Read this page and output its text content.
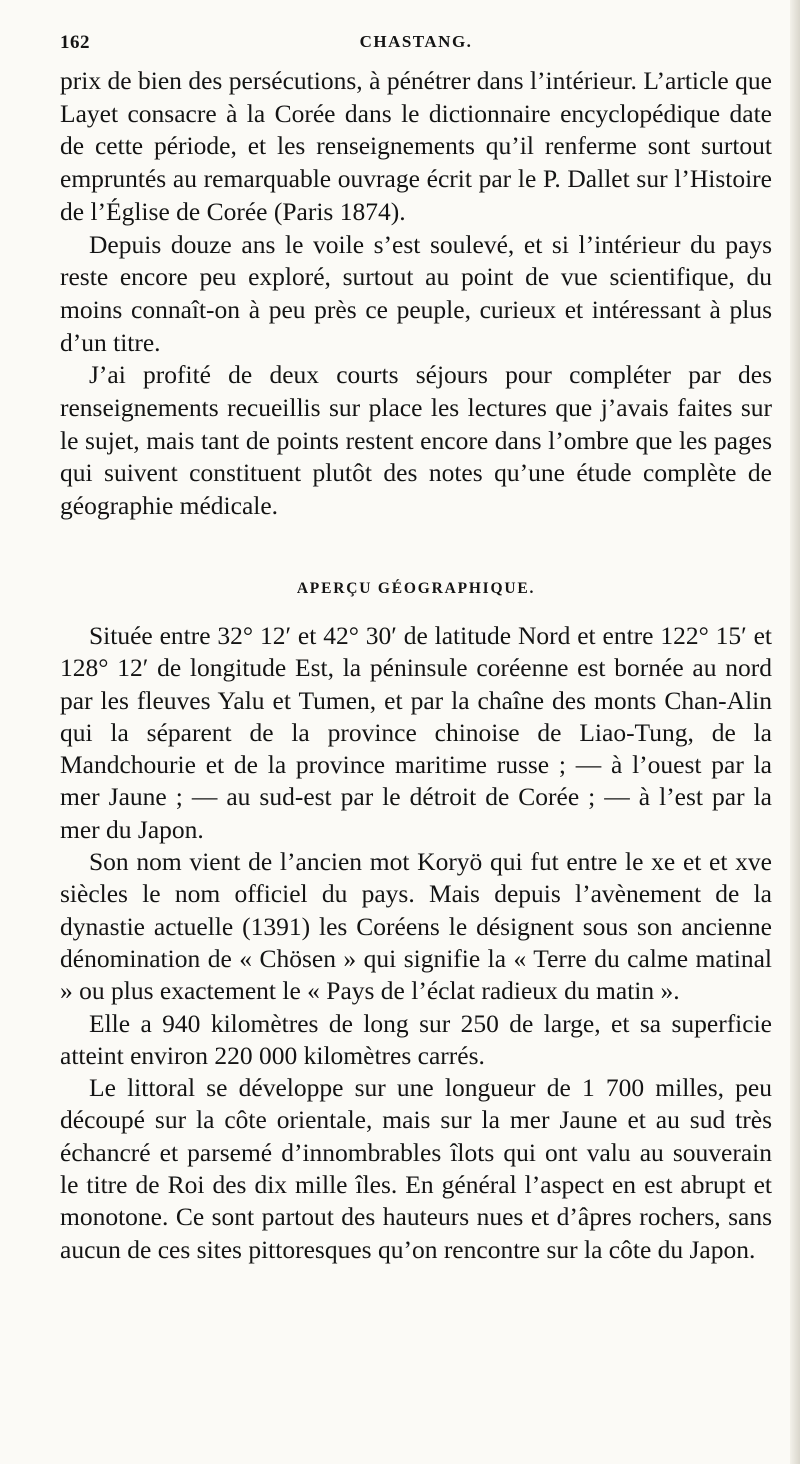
162	CHASTANG.

prix de bien des persécutions, à pénétrer dans l’intérieur. L’article que Layet consacre à la Corée dans le dictionnaire encyclopédique date de cette période, et les renseignements qu’il renferme sont surtout empruntés au remarquable ouvrage écrit par le P. Dallet sur l’Histoire de l’Église de Corée (Paris 1874).

Depuis douze ans le voile s’est soulevé, et si l’intérieur du pays reste encore peu exploré, surtout au point de vue scientifique, du moins connaît-on à peu près ce peuple, curieux et intéressant à plus d’un titre.

J’ai profité de deux courts séjours pour compléter par des renseignements recueillis sur place les lectures que j’avais faites sur le sujet, mais tant de points restent encore dans l’ombre que les pages qui suivent constituent plutôt des notes qu’une étude complète de géographie médicale.

APERÇU GÉOGRAPHIQUE.

Située entre 32° 12′ et 42° 30′ de latitude Nord et entre 122° 15′ et 128° 12′ de longitude Est, la péninsule coréenne est bornée au nord par les fleuves Yalu et Tumen, et par la chaîne des monts Chan-Alin qui la séparent de la province chinoise de Liao-Tung, de la Mandchourie et de la province maritime russe ; — à l’ouest par la mer Jaune ; — au sud-est par le détroit de Corée ; — à l’est par la mer du Japon.

Son nom vient de l’ancien mot Koryö qui fut entre le xe et et xve siècles le nom officiel du pays. Mais depuis l’avènement de la dynastie actuelle (1391) les Coréens le désignent sous son ancienne dénomination de « Chösen » qui signifie la « Terre du calme matinal » ou plus exactement le « Pays de l’éclat radieux du matin ».

Elle a 940 kilomètres de long sur 250 de large, et sa superficie atteint environ 220 000 kilomètres carrés.

Le littoral se développe sur une longueur de 1 700 milles, peu découpé sur la côte orientale, mais sur la mer Jaune et au sud très échancré et parsemé d’innombrables îlots qui ont valu au souverain le titre de Roi des dix mille îles. En général l’aspect en est abrupt et monotone. Ce sont partout des hauteurs nues et d’âpres rochers, sans aucun de ces sites pittoresques qu’on rencontre sur la côte du Japon.
